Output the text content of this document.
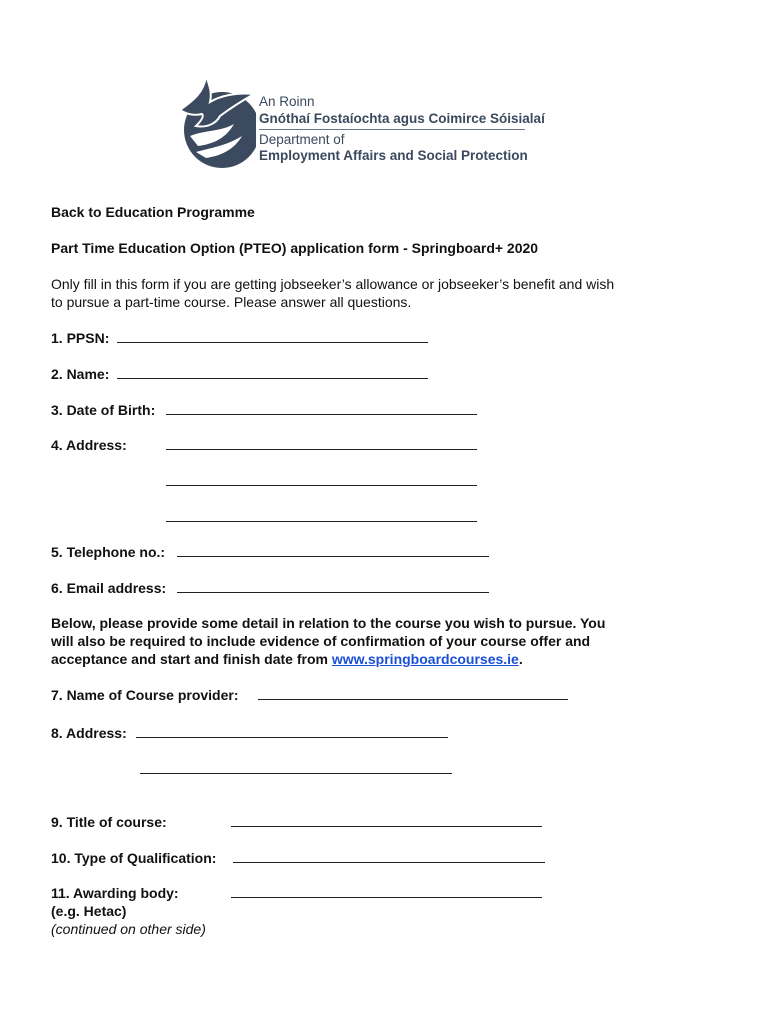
An Roinn
Gnóthaí Fostaíochta agus Coimirce Sóisialaí
Department of
Employment Affairs and Social Protection
Back to Education Programme
Part Time Education Option (PTEO) application form - Springboard+ 2020
Only fill in this form if you are getting jobseeker’s allowance or jobseeker’s benefit and wish
to pursue a part-time course. Please answer all questions.
1. PPSN:
2. Name:
3. Date of Birth:
4. Address:
5. Telephone no.:
6. Email address:
Below, please provide some detail in relation to the course you wish to pursue. You
will also be required to include evidence of confirmation of your course offer and
acceptance and start and finish date from www.springboardcourses.ie.
7. Name of Course provider:
8. Address:
9. Title of course:
10. Type of Qualification:
11. Awarding body:
(e.g. Hetac)
(continued on other side)
